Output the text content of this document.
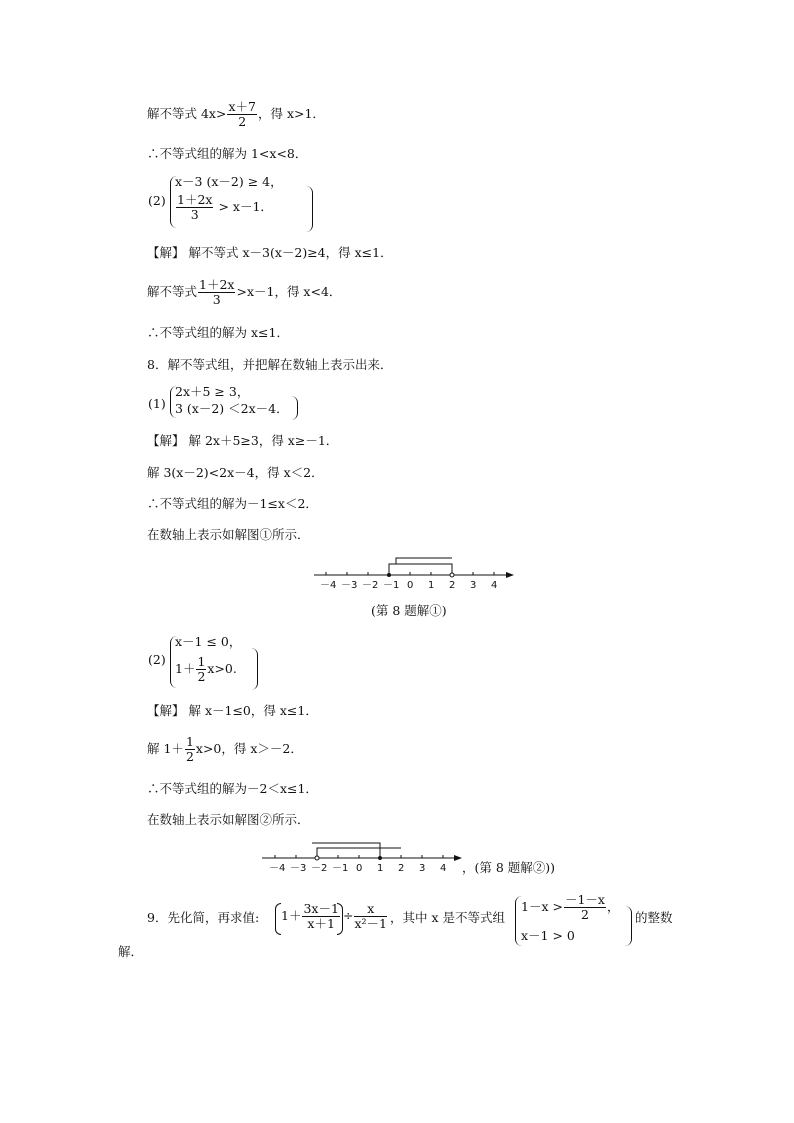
解不等式 $4x> \frac{x+7}{2}$ ，得 x>1．
∴不等式组的解为 1<x<8．
(2)
x－3 (x－2) ≥ 4，
$\frac{1+2x}{3} > x-1$．
【解】 解不等式 x－3(x－2)≥4，得 x≤1．
解不等式 $\frac{1+2x}{3} >x-1$，得 x<4．
∴不等式组的解为 x≤1．
8．解不等式组，并把解在数轴上表示出来．
(1)
2x＋5 ≥ 3，
3 (x－2) ＜2x－4．
【解】 解 2x＋5≥3，得 x≥－1．
解 3(x－2)<2x－4，得 x＜2．
∴不等式组的解为－1≤x＜2．
在数轴上表示如解图①所示．
－4 －3 －2 －1 0 1 2 3 4
(第 8 题解①)
(2)
x－1 ≤ 0，
$1+ \frac{1}{2} x>0$.
【解】 解 x－1≤0，得 x≤1．
解 $1+ \frac{1}{2} x>0$，得 x＞－2．
∴不等式组的解为－2＜x≤1．
在数轴上表示如解图②所示．
－4 －3 －2 －1 0 1 2 3 4 ，(第 8 题解②))
9．先化简，再求值: $1+ \frac{3x-1}{x+1} \div \frac{x}{\text{x²－1}}$ ，其中 x 是不等式组
$1-x > \frac{-1-x}{2}$ ，
x－1 > 0
的整数
解．
